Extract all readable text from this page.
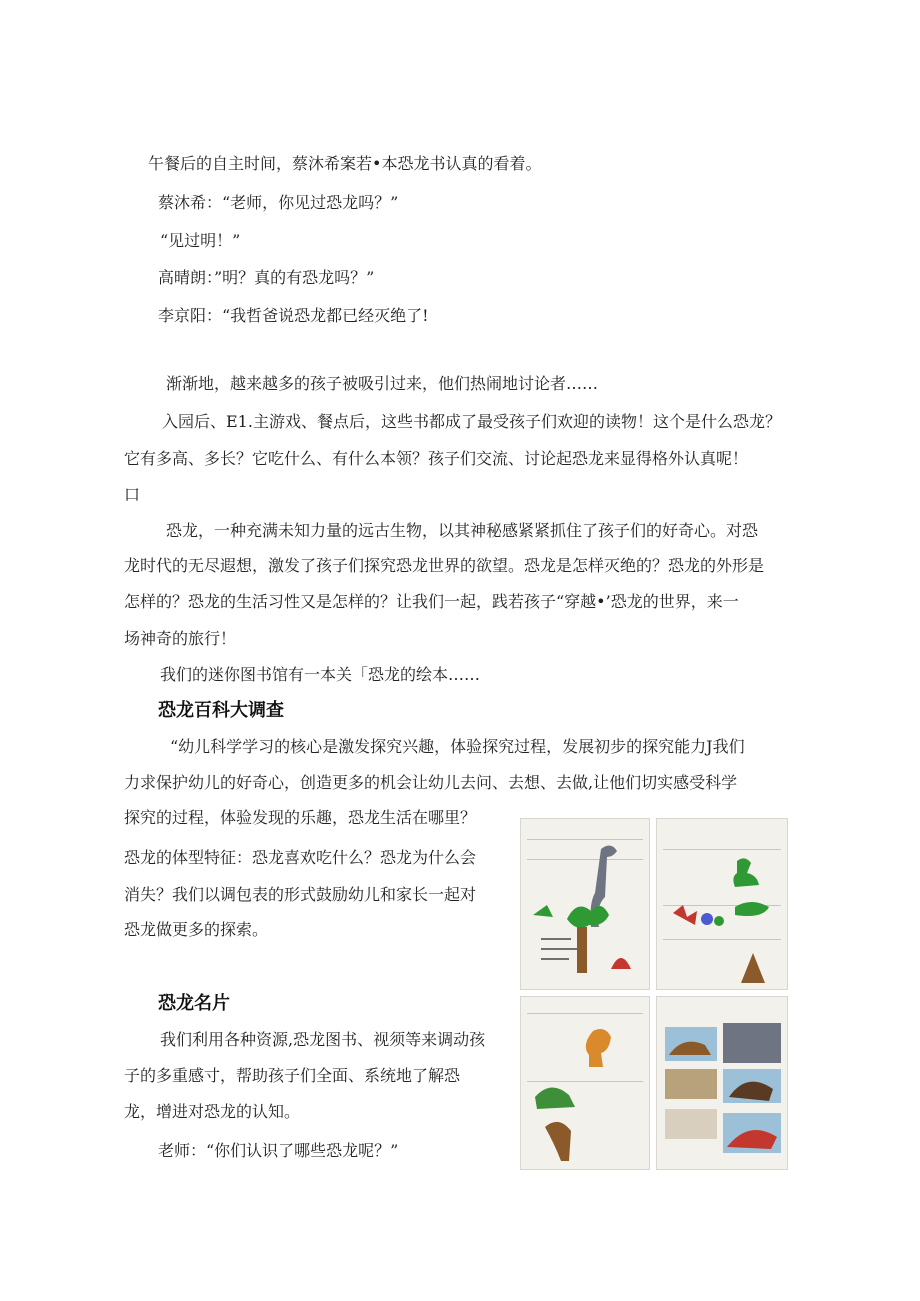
午餐后的自主时间，蔡沐希案若•本恐龙书认真的看着。
蔡沐希：“老师，你见过恐龙吗？”
“见过明！”
高晴朗：”明？真的有恐龙吗？”
李京阳：“我哲爸说恐龙都已经灭绝了!
渐渐地，越来越多的孩子被吸引过来，他们热闹地讨论者……
入园后、E1.主游戏、餐点后，这些书都成了最受孩子们欢迎的读物！这个是什么恐龙？
它有多高、多长？它吃什么、有什么本领？孩子们交流、讨论起恐龙来显得格外认真呢！
口
恐龙，一种充满未知力量的远古生物，以其神秘感紧紧抓住了孩子们的好奇心。对恐
龙时代的无尽遐想，激发了孩子们探究恐龙世界的欲望。恐龙是怎样灭绝的？恐龙的外形是
怎样的？恐龙的生活习性又是怎样的？让我们一起，践若孩子“穿越•’恐龙的世界，来一
场神奇的旅行！
我们的迷你图书馆有一本关「恐龙的绘本……
恐龙百科大调查
“幼儿科学学习的核心是激发探究兴趣，体验探究过程，发展初步的探究能力J我们
力求保护幼儿的好奇心，创造更多的机会让幼儿去问、去想、去做,让他们切实感受科学
探究的过程，体验发现的乐趣，恐龙生活在哪里？
恐龙的体型特征：恐龙喜欢吃什么？恐龙为什么会
消失？我们以调包表的形式鼓励幼儿和家长一起对
恐龙做更多的探索。
恐龙名片
我们利用各种资源,恐龙图书、视须等来调动孩
子的多重感寸，帮助孩子们全面、系统地了解恐
龙，增进对恐龙的认知。
老师：“你们认识了哪些恐龙呢？”
